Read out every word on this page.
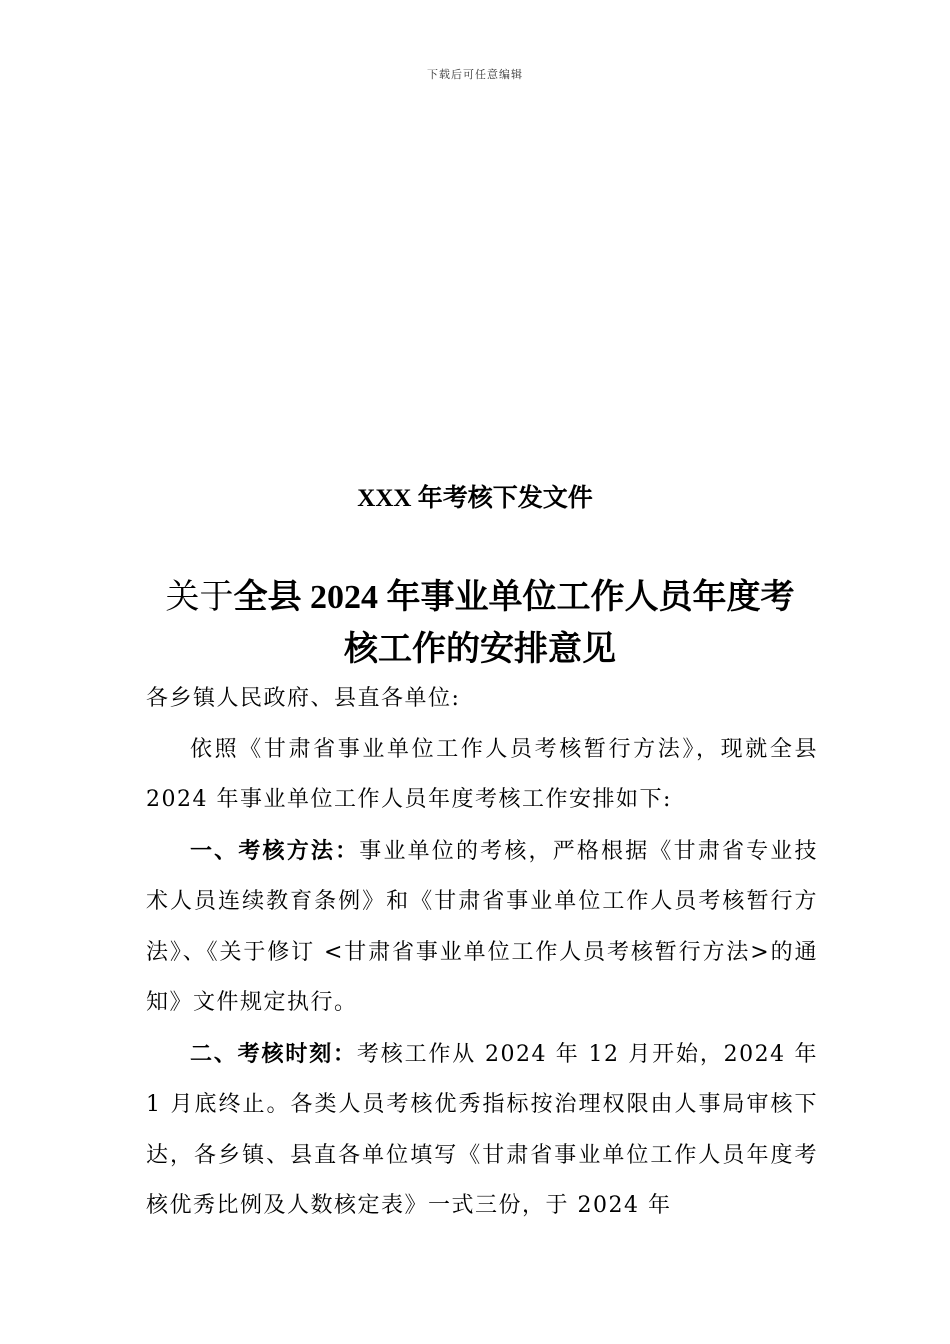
下载后可任意编辑
XXX 年考核下发文件
关于全县 2024 年事业单位工作人员年度考
核工作的安排意见

各乡镇人民政府、县直各单位:

依照《甘肃省事业单位工作人员考核暂行方法》，现就全县 2024 年事业单位工作人员年度考核工作安排如下:

一、考核方法：事业单位的考核，严格根据《甘肃省专业技术人员连续教育条例》和《甘肃省事业单位工作人员考核暂行方法》、《关于修订 <甘肃省事业单位工作人员考核暂行方法>的通知》文件规定执行。

二、考核时刻：考核工作从 2024 年 12 月开始，2024 年 1 月底终止。各类人员考核优秀指标按治理权限由人事局审核下达，各乡镇、县直各单位填写《甘肃省事业单位工作人员年度考核优秀比例及人数核定表》一式三份，于 2024 年
